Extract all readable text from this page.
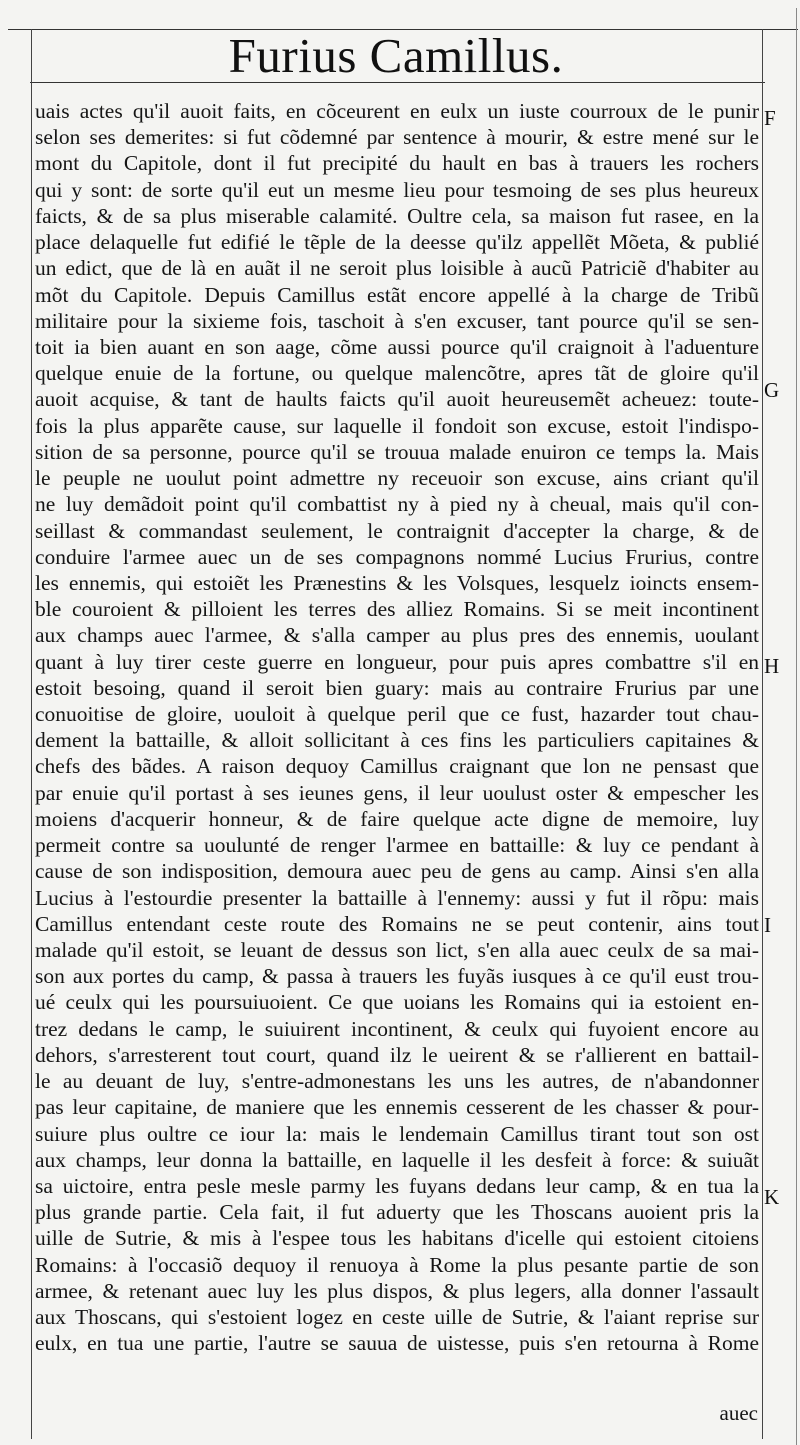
Furius Camillus.
uais actes qu'il auoit faits, en cõceurent en eulx un iuste courroux de le punir
selon ses demerites: si fut cõdemné par sentence à mourir, & estre mené sur le
mont du Capitole, dont il fut precipité du hault en bas à trauers les rochers
qui y sont: de sorte qu'il eut un mesme lieu pour tesmoing de ses plus heureux
faicts, & de sa plus miserable calamité. Oultre cela, sa maison fut rasee, en la
place delaquelle fut edifié le tẽple de la deesse qu'ilz appellẽt Mõeta, & publié
un edict, que de là en auãt il ne seroit plus loisible à aucũ Patriciẽ d'habiter au
mõt du Capitole. Depuis Camillus estãt encore appellé à la charge de Tribũ
militaire pour la sixieme fois, taschoit à s'en excuser, tant pource qu'il se sen-
toit ia bien auant en son aage, cõme aussi pource qu'il craignoit à l'aduenture
quelque enuie de la fortune, ou quelque malencõtre, apres tãt de gloire qu'il
auoit acquise, & tant de haults faicts qu'il auoit heureusemẽt acheuez: toute-
fois la plus apparẽte cause, sur laquelle il fondoit son excuse, estoit l'indispo-
sition de sa personne, pource qu'il se trouua malade enuiron ce temps la. Mais
le peuple ne uoulut point admettre ny receuoir son excuse, ains criant qu'il
ne luy demãdoit point qu'il combattist ny à pied ny à cheual, mais qu'il con-
seillast & commandast seulement, le contraignit d'accepter la charge, & de
conduire l'armee auec un de ses compagnons nommé Lucius Frurius, contre
les ennemis, qui estoiẽt les Prænestins & les Volsques, lesquelz ioincts ensem-
ble couroient & pilloient les terres des alliez Romains. Si se meit incontinent
aux champs auec l'armee, & s'alla camper au plus pres des ennemis, uoulant
quant à luy tirer ceste guerre en longueur, pour puis apres combattre s'il en
estoit besoing, quand il seroit bien guary: mais au contraire Frurius par une
conuoitise de gloire, uouloit à quelque peril que ce fust, hazarder tout chau-
dement la battaille, & alloit sollicitant à ces fins les particuliers capitaines &
chefs des bãdes. A raison dequoy Camillus craignant que lon ne pensast que
par enuie qu'il portast à ses ieunes gens, il leur uoulust oster & empescher les
moiens d'acquerir honneur, & de faire quelque acte digne de memoire, luy
permeit contre sa uoulunté de renger l'armee en battaille: & luy ce pendant à
cause de son indisposition, demoura auec peu de gens au camp. Ainsi s'en alla
Lucius à l'estourdie presenter la battaille à l'ennemy: aussi y fut il rõpu: mais
Camillus entendant ceste route des Romains ne se peut contenir, ains tout
malade qu'il estoit, se leuant de dessus son lict, s'en alla auec ceulx de sa mai-
son aux portes du camp, & passa à trauers les fuyãs iusques à ce qu'il eust trou-
ué ceulx qui les poursuiuoient. Ce que uoians les Romains qui ia estoient en-
trez dedans le camp, le suiuirent incontinent, & ceulx qui fuyoient encore au
dehors, s'arresterent tout court, quand ilz le ueirent & se r'allierent en battail-
le au deuant de luy, s'entre-admonestans les uns les autres, de n'abandonner
pas leur capitaine, de maniere que les ennemis cesserent de les chasser & pour-
suiure plus oultre ce iour la: mais le lendemain Camillus tirant tout son ost
aux champs, leur donna la battaille, en laquelle il les desfeit à force: & suiuãt
sa uictoire, entra pesle mesle parmy les fuyans dedans leur camp, & en tua la
plus grande partie. Cela fait, il fut aduerty que les Thoscans auoient pris la
uille de Sutrie, & mis à l'espee tous les habitans d'icelle qui estoient citoiens
Romains: à l'occasiõ dequoy il renuoya à Rome la plus pesante partie de son
armee, & retenant auec luy les plus dispos, & plus legers, alla donner l'assault
aux Thoscans, qui s'estoient logez en ceste uille de Sutrie, & l'aiant reprise sur
eulx, en tua une partie, l'autre se sauua de uistesse, puis s'en retourna à Rome
F
G
H
I
K
auec
